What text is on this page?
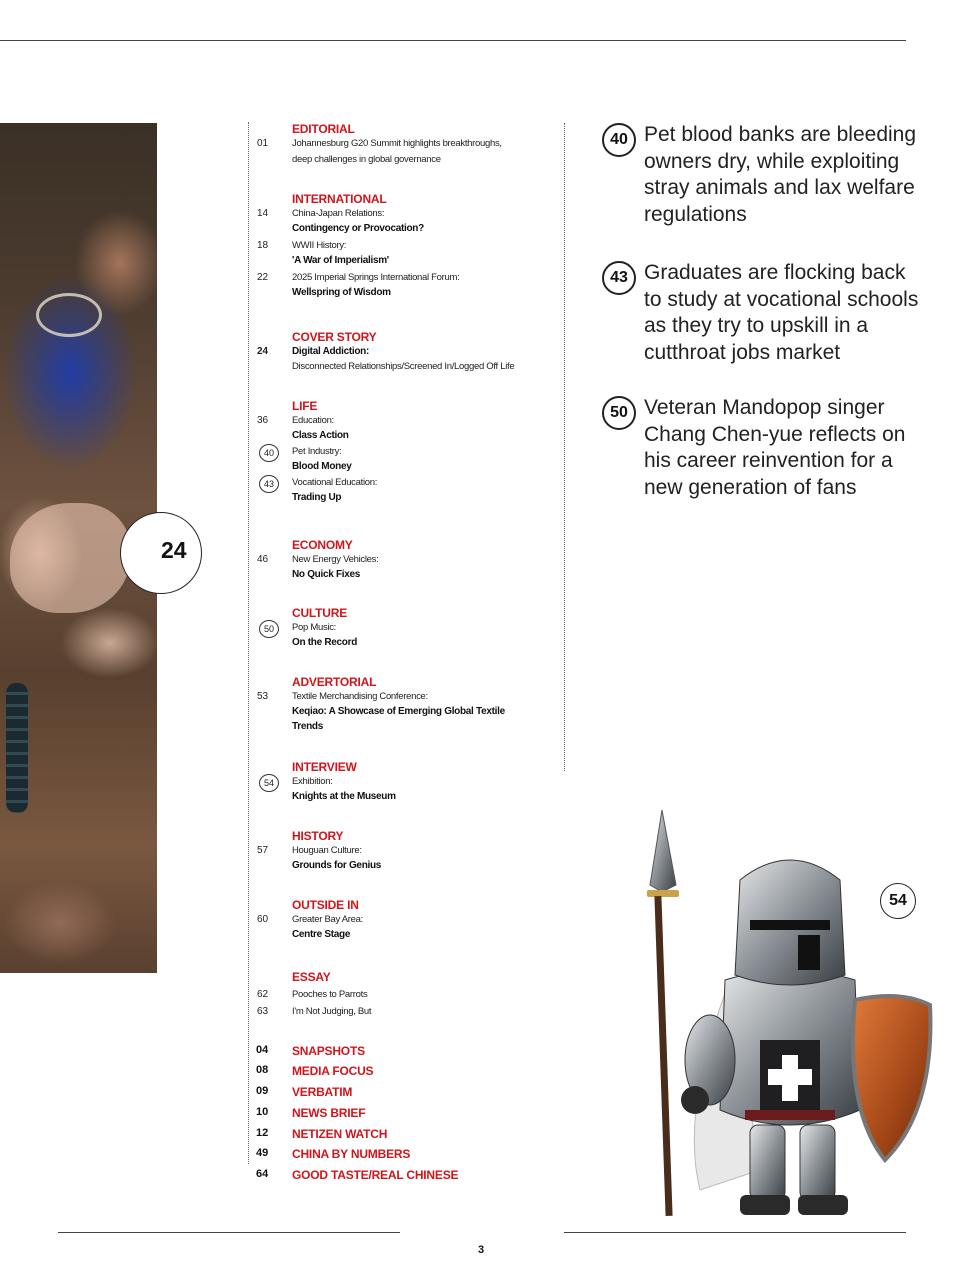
24
EDITORIAL
01	Johannesburg G20 Summit highlights breakthroughs,
deep challenges in global governance
INTERNATIONAL
14	China-Japan Relations:
Contingency or Provocation?
18	WWII History:
'A War of Imperialism'
22	2025 Imperial Springs International Forum:
Wellspring of Wisdom
COVER STORY
24	Digital Addiction:
Disconnected Relationships/Screened In/Logged Off Life
LIFE
36	Education:
Class Action
40	Pet Industry:
Blood Money
43	Vocational Education:
Trading Up
ECONOMY
46	New Energy Vehicles:
No Quick Fixes
CULTURE
50	Pop Music:
On the Record
ADVERTORIAL
53	Textile Merchandising Conference:
Keqiao: A Showcase of Emerging Global Textile
Trends
INTERVIEW
54	Exhibition:
Knights at the Museum
HISTORY
57	Houguan Culture:
Grounds for Genius
OUTSIDE IN
60	Greater Bay Area:
Centre Stage
ESSAY
62	Pooches to Parrots
63	I'm Not Judging, But
04 SNAPSHOTS
08 MEDIA FOCUS
09 VERBATIM
10 NEWS BRIEF
12 NETIZEN WATCH
49 CHINA BY NUMBERS
64 GOOD TASTE/REAL CHINESE
40 Pet blood banks are bleeding owners dry, while exploiting stray animals and lax welfare regulations
43 Graduates are flocking back to study at vocational schools as they try to upskill in a cutthroat jobs market
50 Veteran Mandopop singer Chang Chen-yue reflects on his career reinvention for a new generation of fans
54
3
